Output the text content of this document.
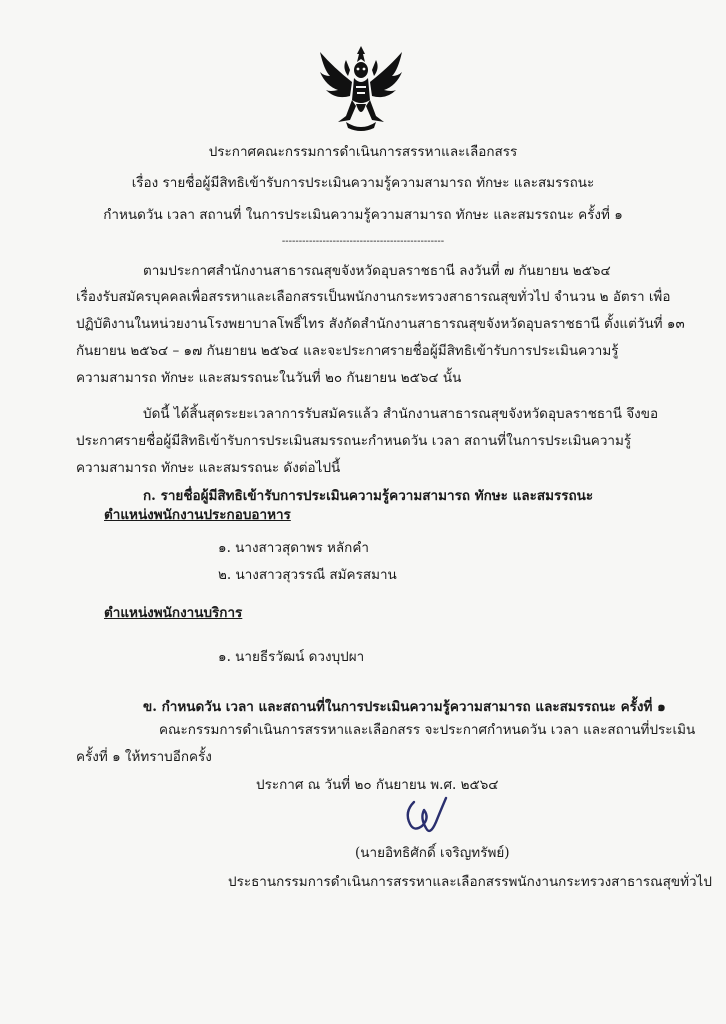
ประกาศคณะกรรมการดำเนินการสรรหาและเลือกสรร
เรื่อง รายชื่อผู้มีสิทธิเข้ารับการประเมินความรู้ความสามารถ ทักษะ และสมรรถนะ
กำหนดวัน เวลา สถานที่ ในการประเมินความรู้ความสามารถ ทักษะ และสมรรถนะ ครั้งที่ ๑
------------------------------------------------
ตามประกาศสำนักงานสาธารณสุขจังหวัดอุบลราชธานี ลงวันที่ ๗ กันยายน ๒๕๖๔
เรื่องรับสมัครบุคคลเพื่อสรรหาและเลือกสรรเป็นพนักงานกระทรวงสาธารณสุขทั่วไป จำนวน ๒ อัตรา เพื่อ
ปฏิบัติงานในหน่วยงานโรงพยาบาลโพธิ์ไทร สังกัดสำนักงานสาธารณสุขจังหวัดอุบลราชธานี ตั้งแต่วันที่ ๑๓
กันยายน ๒๕๖๔ – ๑๗ กันยายน ๒๕๖๔ และจะประกาศรายชื่อผู้มีสิทธิเข้ารับการประเมินความรู้
ความสามารถ ทักษะ และสมรรถนะในวันที่ ๒๐ กันยายน ๒๕๖๔ นั้น
บัดนี้ ได้สิ้นสุดระยะเวลาการรับสมัครแล้ว สำนักงานสาธารณสุขจังหวัดอุบลราชธานี จึงขอ
ประกาศรายชื่อผู้มีสิทธิเข้ารับการประเมินสมรรถนะกำหนดวัน เวลา สถานที่ในการประเมินความรู้
ความสามารถ ทักษะ และสมรรถนะ ดังต่อไปนี้
ก. รายชื่อผู้มีสิทธิเข้ารับการประเมินความรู้ความสามารถ ทักษะ และสมรรถนะ
ตำแหน่งพนักงานประกอบอาหาร
๑. นางสาวสุดาพร หลักคำ
๒. นางสาวสุวรรณี สมัครสมาน
ตำแหน่งพนักงานบริการ
๑. นายธีรวัฒน์ ดวงบุปผา
ข. กำหนดวัน เวลา และสถานที่ในการประเมินความรู้ความสามารถ และสมรรถนะ ครั้งที่ ๑
คณะกรรมการดำเนินการสรรหาและเลือกสรร จะประกาศกำหนดวัน เวลา และสถานที่ประเมิน
ครั้งที่ ๑ ให้ทราบอีกครั้ง
ประกาศ ณ วันที่ ๒๐ กันยายน พ.ศ. ๒๕๖๔
(นายอิทธิศักดิ์ เจริญทรัพย์)
ประธานกรรมการดำเนินการสรรหาและเลือกสรรพนักงานกระทรวงสาธารณสุขทั่วไป
